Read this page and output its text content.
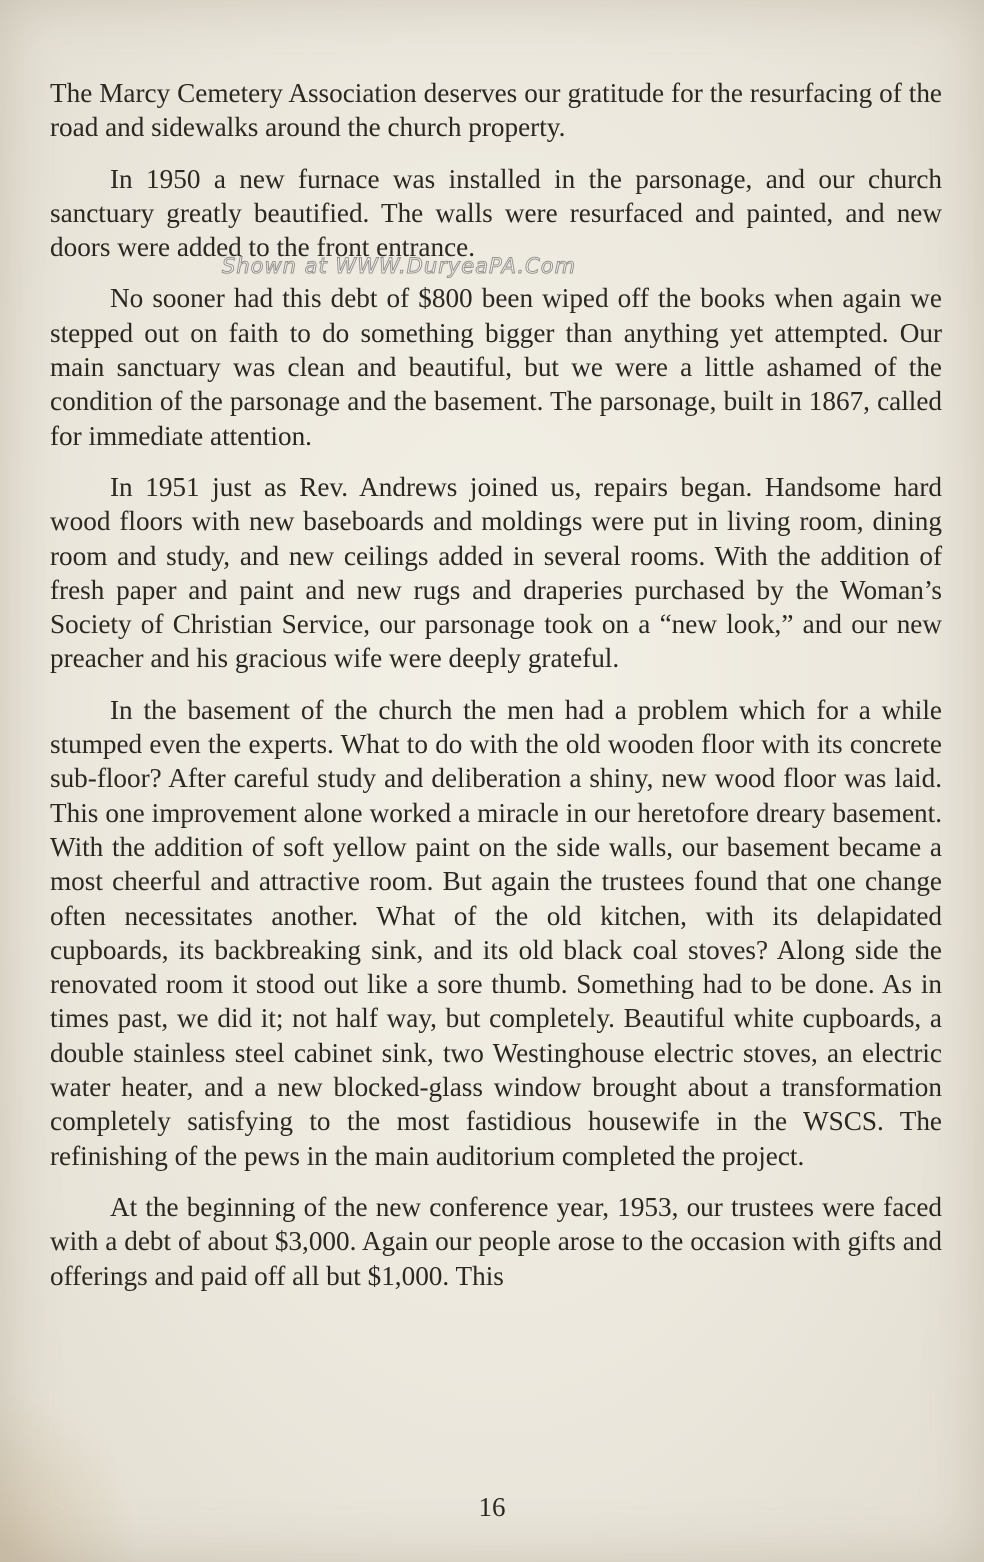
The Marcy Cemetery Association deserves our gratitude for the resurfacing of the road and sidewalks around the church property.

In 1950 a new furnace was installed in the parsonage, and our church sanctuary greatly beautified. The walls were resurfaced and painted, and new doors were added to the front entrance.

No sooner had this debt of $800 been wiped off the books when again we stepped out on faith to do something bigger than anything yet attempted. Our main sanctuary was clean and beautiful, but we were a little ashamed of the condition of the parsonage and the basement. The parsonage, built in 1867, called for immediate attention.

In 1951 just as Rev. Andrews joined us, repairs began. Handsome hard wood floors with new baseboards and moldings were put in living room, dining room and study, and new ceilings added in several rooms. With the addition of fresh paper and paint and new rugs and draperies purchased by the Woman’s Society of Christian Service, our parsonage took on a “new look,” and our new preacher and his gracious wife were deeply grateful.

In the basement of the church the men had a problem which for a while stumped even the experts. What to do with the old wooden floor with its concrete sub-floor? After careful study and deliberation a shiny, new wood floor was laid. This one improvement alone worked a miracle in our heretofore dreary basement. With the addition of soft yellow paint on the side walls, our basement became a most cheerful and attractive room. But again the trustees found that one change often necessitates another. What of the old kitchen, with its delapidated cupboards, its backbreaking sink, and its old black coal stoves? Along side the renovated room it stood out like a sore thumb. Something had to be done. As in times past, we did it; not half way, but completely. Beautiful white cupboards, a double stainless steel cabinet sink, two Westinghouse electric stoves, an electric water heater, and a new blocked-glass window brought about a transformation completely satisfying to the most fastidious housewife in the WSCS. The refinishing of the pews in the main auditorium completed the project.

At the beginning of the new conference year, 1953, our trustees were faced with a debt of about $3,000. Again our people arose to the occasion with gifts and offerings and paid off all but $1,000. This

Shown at WWW.DuryeaPA.Com
16
